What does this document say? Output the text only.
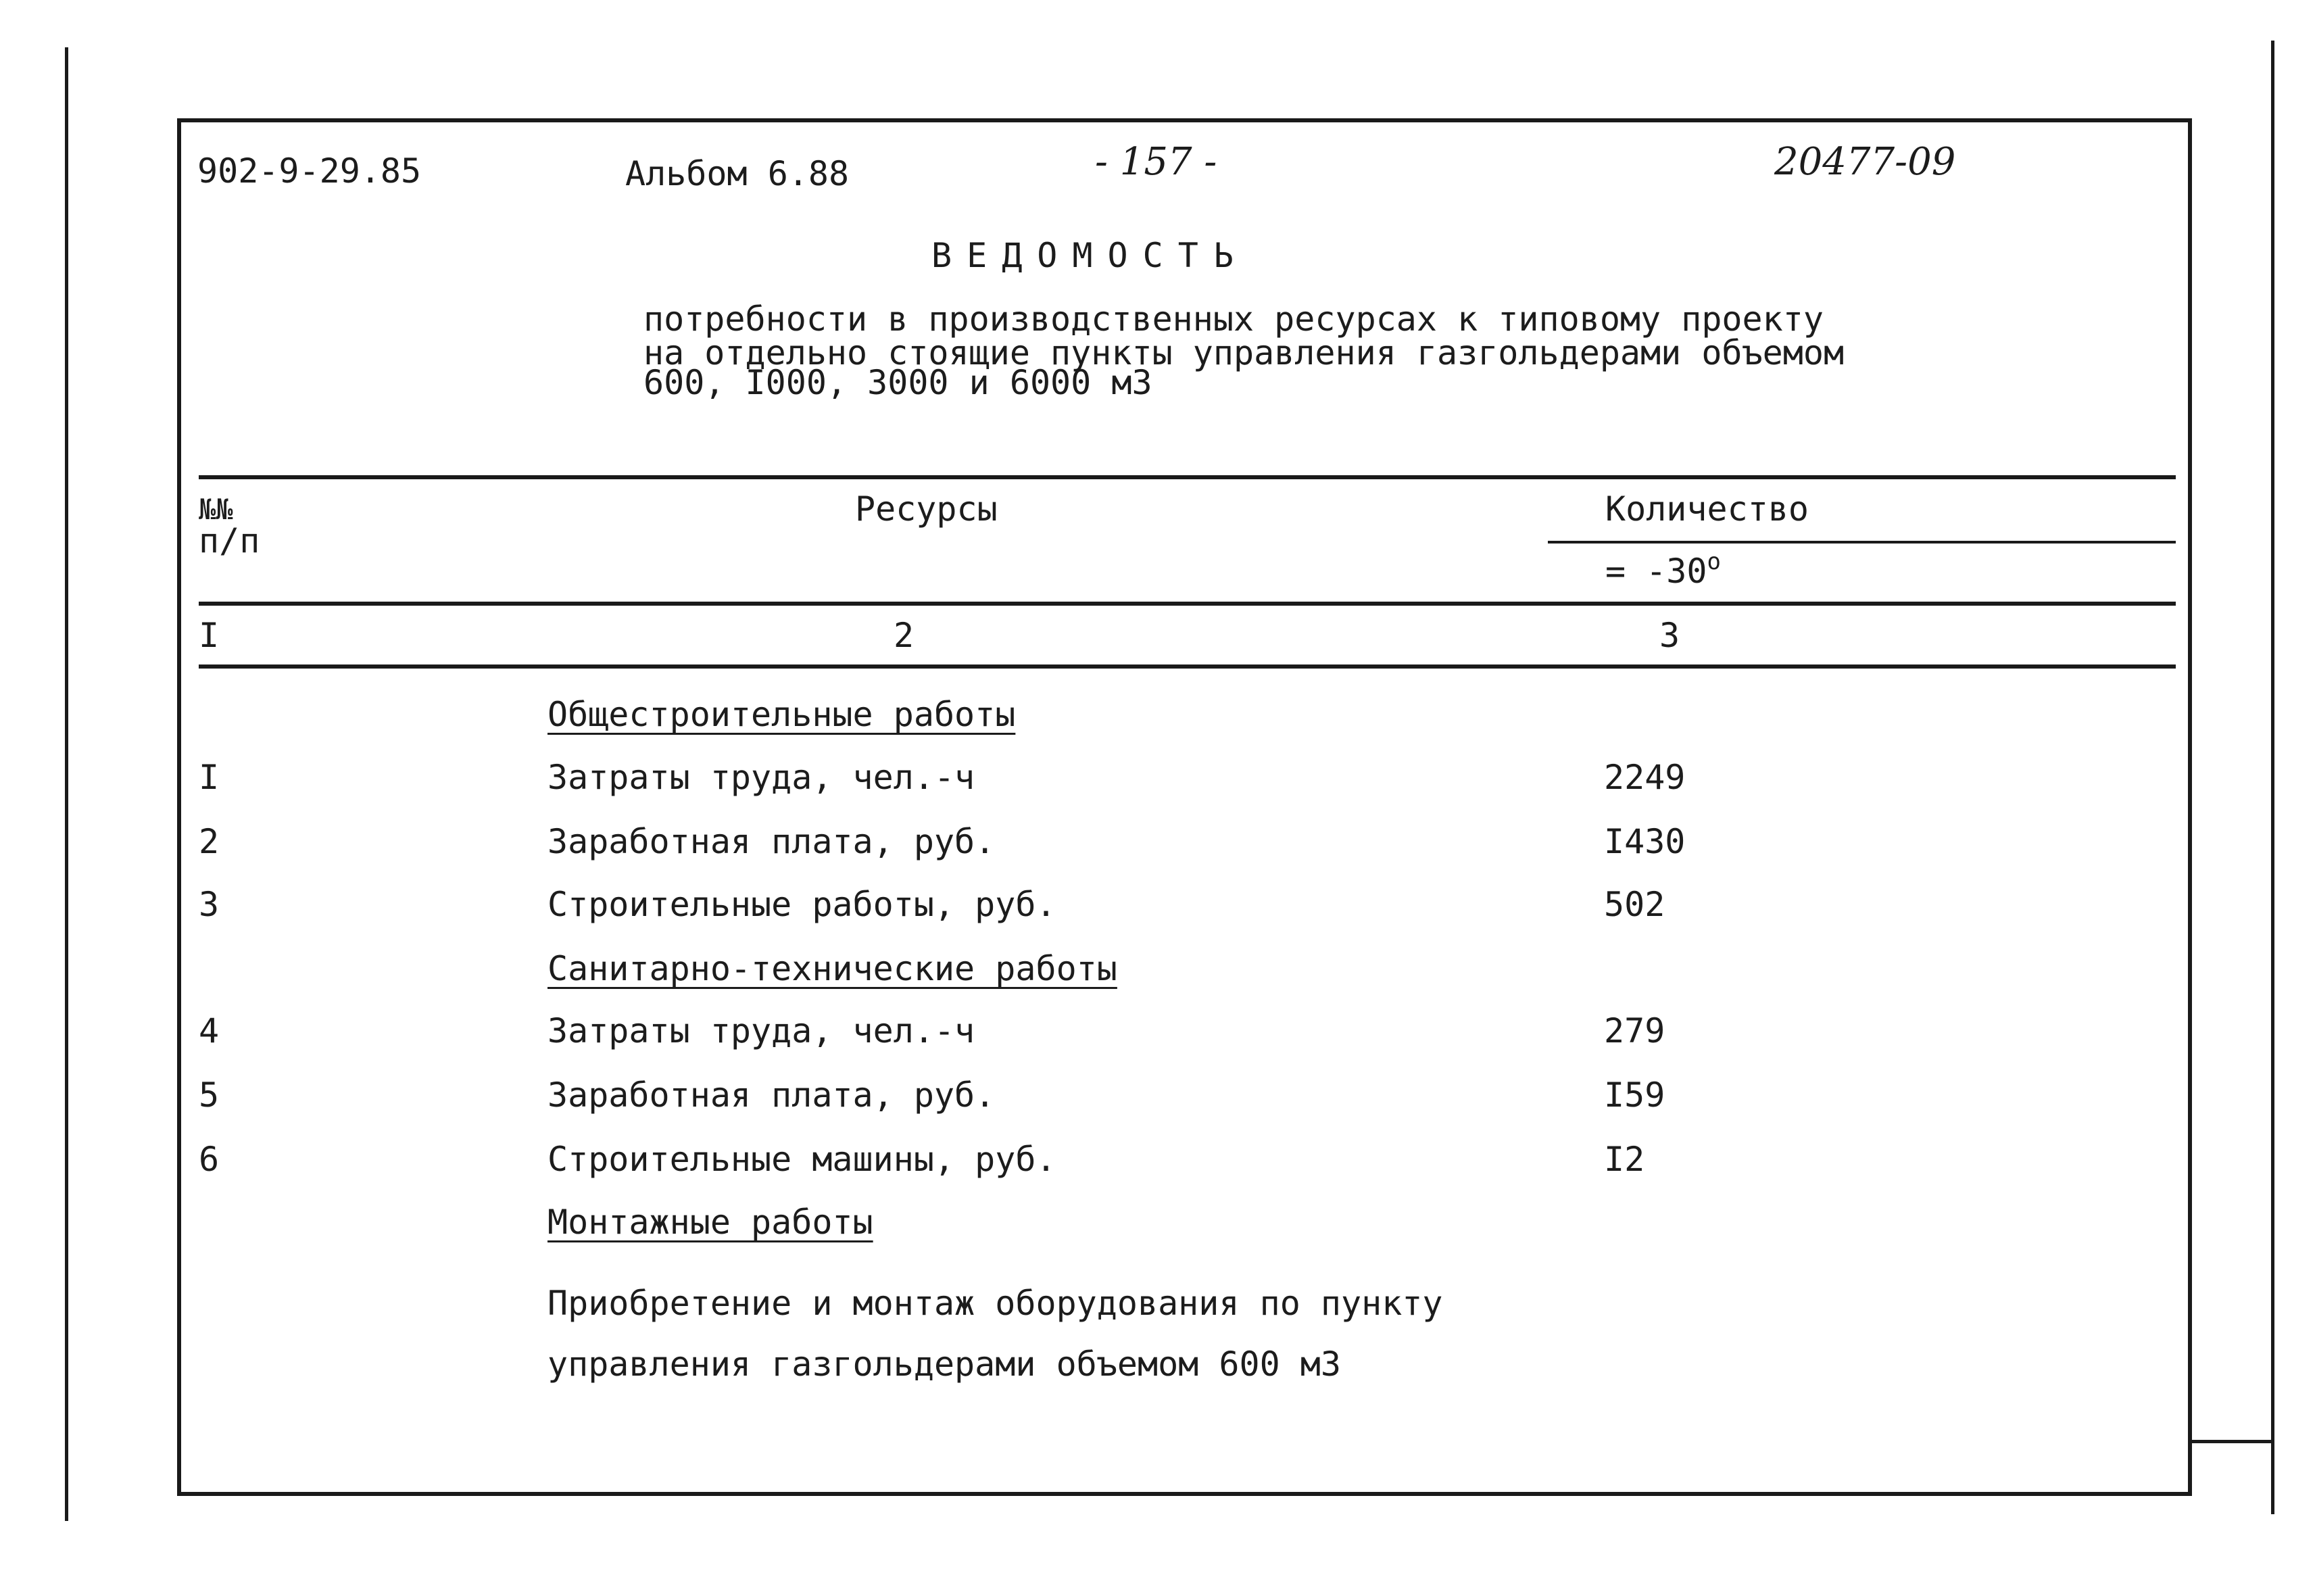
902-9-29.85	Альбом 6.88	- 157 -	20477-09
ВЕДОМОСТЬ
потребности в производственных ресурсах к типовому проекту
на отдельно стоящие пункты управления газгольдерами объемом
600, I000, 3000 и 6000 м3
№№
п/п
Ресурсы	Количество
= $-30^o$
I	2	3
Общестроительные работы
I	Затраты труда, чел.-ч	2249
2	Заработная плата, руб.	I430
3	Строительные работы, руб.	502
Санитарно-технические работы
4	Затраты труда, чел.-ч	279
5	Заработная плата, руб.	I59
6	Строительные машины, руб.	I2
Монтажные работы
Приобретение и монтаж оборудования по пункту
управления газгольдерами объемом 600 м3
